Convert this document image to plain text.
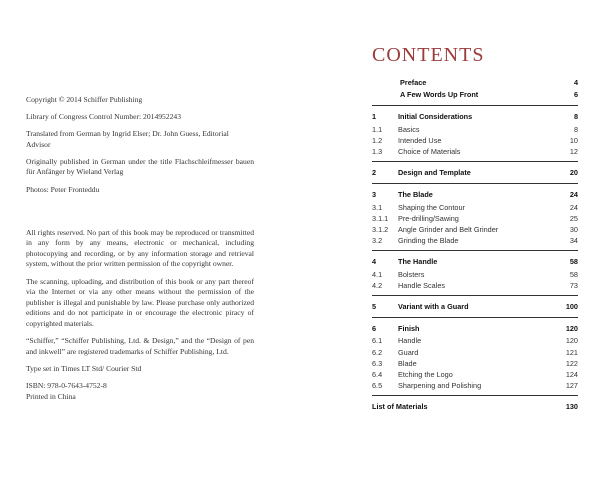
Copyright © 2014 Schiffer Publishing

Library of Congress Control Number: 2014952243

Translated from German by Ingrid Elser; Dr. John Guess, Editorial Advisor

Originally published in German under the title Flachschleifmesser bauen für Anfänger by Wieland Verlag

Photos: Peter Fronteddu

All rights reserved. No part of this book may be reproduced or transmitted in any form by any means, electronic or mechanical, including photocopying and recording, or by any information storage and retrieval system, without the prior written permission of the copyright owner.

The scanning, uploading, and distribution of this book or any part thereof via the Internet or via any other means without the permission of the publisher is illegal and punishable by law. Please purchase only authorized editions and do not participate in or encourage the electronic piracy of copyrighted materials.

“Schiffer,” “Schiffer Publishing, Ltd. & Design,” and the “Design of pen and inkwell” are registered trademarks of Schiffer Publishing, Ltd.

Type set in Times LT Std/ Courier Std

ISBN: 978-0-7643-4752-8

Printed in China

CONTENTS
Preface	4
A Few Words Up Front	6
1	Initial Considerations	8
1.1	Basics	8
1.2	Intended Use	10
1.3	Choice of Materials	12
2	Design and Template	20
3	The Blade	24
3.1	Shaping the Contour	24
3.1.1	Pre-drilling/Sawing	25
3.1.2	Angle Grinder and Belt Grinder	30
3.2	Grinding the Blade	34
4	The Handle	58
4.1	Bolsters	58
4.2	Handle Scales	73
5	Variant with a Guard	100
6	Finish	120
6.1	Handle	120
6.2	Guard	121
6.3	Blade	122
6.4	Etching the Logo	124
6.5	Sharpening and Polishing	127
List of Materials	130
